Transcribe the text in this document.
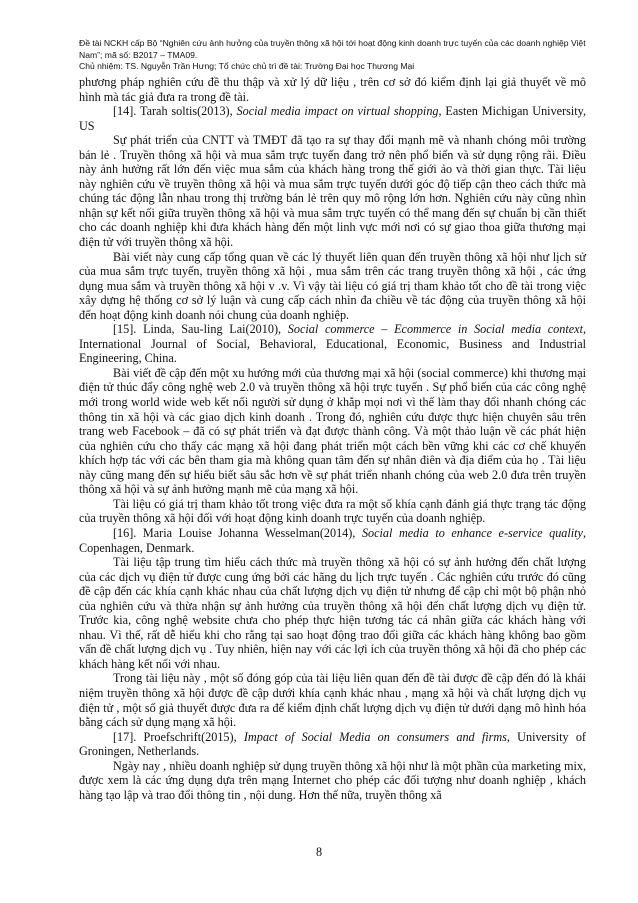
Đề tài NCKH cấp Bộ “Nghiên cứu ảnh hưởng của truyền thông xã hội tới hoạt động kinh doanh trực tuyến của các doanh nghiệp Việt Nam”; mã số: B2017 – TMA09.
Chủ nhiệm: TS. Nguyễn Trần Hưng; Tổ chức chủ trì đề tài: Trường Đại học Thương Mại

phương pháp nghiên cứu đề thu thập và xử lý dữ liệu , trên cơ sở đó kiểm định lại giả thuyết về mô hình mà tác giả đưa ra trong đề tài.

[14]. Tarah soltis(2013), Social media impact on virtual shopping, Easten Michigan University, US

Sự phát triển của CNTT và TMĐT đã tạo ra sự thay đổi mạnh mẽ và nhanh chóng môi trường bán lẻ . Truyền thông xã hội và mua sắm trực tuyến đang trở nên phổ biến và sử dụng rộng rãi. Điều này ảnh hưởng rất lớn đến việc mua sắm của khách hàng trong thế giới ảo và thời gian thực. Tài liệu này nghiên cứu về truyền thông xã hội và mua sắm trực tuyến dưới góc độ tiếp cận theo cách thức mà chúng tác động lẫn nhau trong thị trường bán lẻ trên quy mô rộng lớn hơn. Nghiên cứu này cũng nhìn nhận sự kết nối giữa truyền thông xã hội và mua sắm trực tuyến có thể mang đến sự chuẩn bị cần thiết cho các doanh nghiệp khi đưa khách hàng đến một linh vực mới nơi có sự giao thoa giữa thương mại điện tử với truyền thông xã hội.

Bài viết này cung cấp tổng quan về các lý thuyết liên quan đến truyền thông xã hội như lịch sử của mua sắm trực tuyến, truyền thông xã hội , mua sắm trên các trang truyền thông xã hội , các ứng dụng mua sắm và truyền thông xã hội v .v. Vì vậy tài liệu có giá trị tham khảo tốt cho đề tài trong việc xây dựng hệ thống cơ sở lý luận và cung cấp cách nhìn đa chiều về tác động của truyền thông xã hội đến hoạt động kinh doanh nói chung của doanh nghiệp.

[15]. Linda, Sau-ling Lai(2010), Social commerce – Ecommerce in Social media context, International Journal of Social, Behavioral, Educational, Economic, Business and Industrial Engineering, China.

Bài viết đề cập đến một xu hướng mới của thương mại xã hội (social commerce) khi thương mại điện tử thúc đẩy công nghệ web 2.0 và truyền thông xã hội trực tuyến . Sự phổ biến của các công nghệ mới trong world wide web kết nối người sử dụng ở khắp mọi nơi vì thế làm thay đổi nhanh chóng các thông tin xã hội và các giao dịch kinh doanh . Trong đó, nghiên cứu được thực hiện chuyên sâu trên trang web Facebook – đã có sự phát triển và đạt được thành công. Và một thảo luận về các phát hiện của nghiên cứu cho thấy các mạng xã hội đang phát triển một cách bền vững khi các cơ chế khuyến khích hợp tác với các bên tham gia mà không quan tâm đến sự nhân điên và địa điểm của họ . Tài liệu này cũng mang đến sự hiểu biết sâu sắc hơn về sự phát triển nhanh chóng của web 2.0 đưa trên truyền thông xã hội và sự ảnh hưởng mạnh mẽ của mạng xã hội.

Tài liệu có giá trị tham khảo tốt trong việc đưa ra một số khía cạnh đánh giá thực trạng tác động của truyền thông xã hội đối với hoạt động kinh doanh trực tuyến của doanh nghiệp.

[16]. Maria Louise Johanna Wesselman(2014), Social media to enhance e-service quality, Copenhagen, Denmark.

Tài liệu tập trung tìm hiểu cách thức mà truyền thông xã hội có sự ảnh hưởng đến chất lượng của các dịch vụ điện tử được cung ứng bởi các hãng du lịch trực tuyến . Các nghiên cứu trước đó cũng đề cập đến các khía cạnh khác nhau của chất lượng dịch vụ điện tử nhưng để cập chỉ một bộ phận nhỏ của nghiên cứu và thừa nhận sự ảnh hưởng của truyền thông xã hội đến chất lượng dịch vụ điện tử. Trước kia, công nghệ website chưa cho phép thực hiện tương tác cá nhân giữa các khách hàng với nhau. Vì thế, rất dễ hiểu khi cho rằng tại sao hoạt động trao đổi giữa các khách hàng không bao gồm vấn đề chất lượng dịch vụ . Tuy nhiên, hiện nay với các lợi ích của truyền thông xã hội đã cho phép các khách hàng kết nối với nhau.

Trong tài liệu này , một số đóng góp của tài liệu liên quan đến đề tài được đề cập đến đó là khái niệm truyền thông xã hội được đề cập dưới khía cạnh khác nhau , mạng xã hội và chất lượng dịch vụ điện tử , một số giả thuyết được đưa ra để kiểm định chất lượng dịch vụ điện tử dưới dạng mô hình hóa bằng cách sử dụng mạng xã hội.

[17]. Proefschrift(2015), Impact of Social Media on consumers and firms, University of Groningen, Netherlands.

Ngày nay , nhiều doanh nghiệp sử dụng truyền thông xã hội như là một phần của marketing mix, được xem là các ứng dụng dựa trên mạng Internet cho phép các đối tượng như doanh nghiệp , khách hàng tạo lập và trao đổi thông tin , nội dung. Hơn thế nữa, truyền thông xã

8
